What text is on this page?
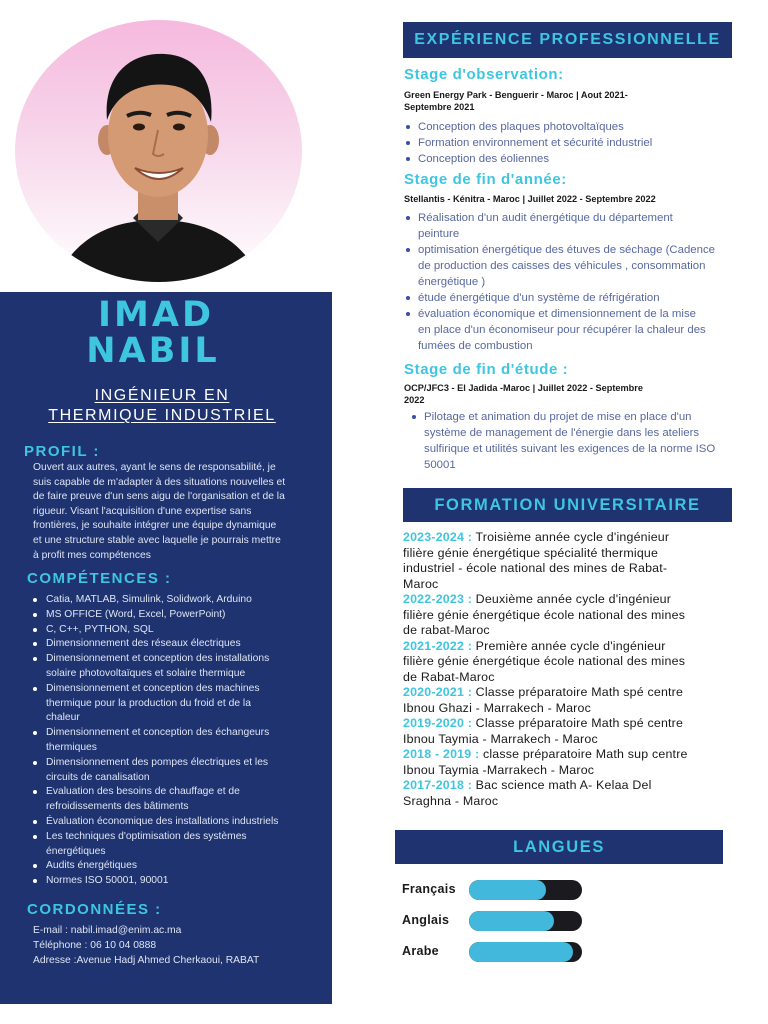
IMAD
NABIL
INGÉNIEUR EN
THERMIQUE INDUSTRIEL
PROFIL :
Ouvert aux autres, ayant le sens de responsabilité, je
suis capable de m'adapter à des situations nouvelles et
de faire preuve d'un sens aigu de l'organisation et de la
rigueur. Visant l'acquisition d'une expertise sans
frontières, je souhaite intégrer une équipe dynamique
et une structure stable avec laquelle je pourrais mettre
à profit mes compétences
COMPÉTENCES :
Catia, MATLAB, Simulink, Solidwork, Arduino
MS OFFICE (Word, Excel, PowerPoint)
C, C++, PYTHON, SQL
Dimensionnement des réseaux électriques
Dimensionnement et conception des installations
solaire photovoltaïques et solaire thermique
Dimensionnement et conception des machines
thermique pour la production du froid et de la
chaleur
Dimensionnement et conception des échangeurs
thermiques
Dimensionnement des pompes électriques et les
circuits de canalisation
Evaluation des besoins de chauffage et de
refroidissements des bâtiments
Évaluation économique des installations industriels
Les techniques d'optimisation des systèmes
énergétiques
Audits énergétiques
Normes ISO 50001, 90001
CORDONNÉES :
E-mail : nabil.imad@enim.ac.ma
Téléphone : 06 10 04 0888
Adresse :Avenue Hadj Ahmed Cherkaoui, RABAT
EXPÉRIENCE PROFESSIONNELLE
Stage d'observation:
Green Energy Park - Benguerir - Maroc | Aout 2021-
Septembre 2021
Conception des plaques photovoltaïques
Formation environnement et sécurité industriel
Conception des éoliennes
Stage de fin d'année:
Stellantis - Kénitra - Maroc | Juillet 2022 - Septembre 2022
Réalisation d'un audit énergétique du département
peinture
optimisation énergétique des étuves de séchage (Cadence
de production des caisses des véhicules , consommation
énergétique )
étude énergétique d'un système de réfrigération
évaluation économique et dimensionnement de la mise
en place d'un économiseur pour récupérer la chaleur des
fumées de combustion
Stage de fin d'étude :
OCP/JFC3 - El Jadida -Maroc | Juillet 2022 - Septembre
2022
Pilotage et animation du projet de mise en place d'un
système de management de l'énergie dans les ateliers
sulfirique et utilités suivant les exigences de la norme ISO
50001
FORMATION UNIVERSITAIRE
2023-2024 : Troisième année cycle d'ingénieur
filière génie énergétique spécialité thermique
industriel - école national des mines de Rabat-
Maroc
2022-2023 : Deuxième année cycle d'ingénieur
filière génie énergétique école national des mines
de rabat-Maroc
2021-2022 : Première année cycle d'ingénieur
filière génie énergétique école national des mines
de Rabat-Maroc
2020-2021 : Classe préparatoire Math spé centre
Ibnou Ghazi - Marrakech - Maroc
2019-2020 : Classe préparatoire Math spé centre
Ibnou Taymia - Marrakech - Maroc
2018 - 2019 : classe préparatoire Math sup centre
Ibnou Taymia -Marrakech - Maroc
2017-2018 : Bac science math A- Kelaa Del
Sraghna - Maroc
LANGUES
Français
Anglais
Arabe
